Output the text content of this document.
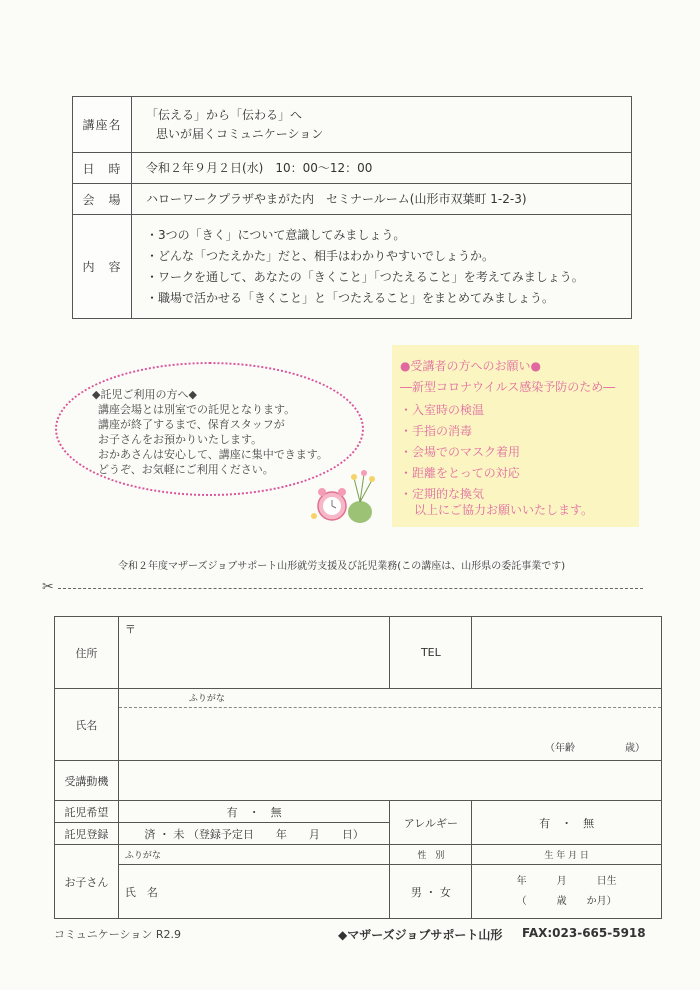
講座名	「伝える」から「伝わる」へ
思いが届くコミュニケーション

日　時	令和２年９月２日(水)　10：00～12：00
会　場	ハローワークプラザやまがた内　セミナールーム(山形市双葉町 1-2-3)
内　容	・3つの「きく」について意識してみましょう。
・どんな「つたえかた」だと、相手はわかりやすいでしょうか。
・ワークを通して、あなたの「きくこと」「つたえること」を考えてみましょう。
・職場で活かせる「きくこと」と「つたえること」をまとめてみましょう。
◆託児ご利用の方へ◆
講座会場とは別室での託児となります。
講座が終了するまで、保育スタッフが
お子さんをお預かりいたします。
おかあさんは安心して、講座に集中できます。
どうぞ、お気軽にご利用ください。
●受講者の方へのお願い●
―新型コロナウイルス感染予防のため―
・入室時の検温
・手指の消毒
・会場でのマスク着用
・距離をとっての対応
・定期的な換気
以上にご協力お願いいたします。
令和２年度マザーズジョブサポート山形就労支援及び託児業務(この講座は、山形県の委託事業です)
✂
住所	〒	TEL	
氏名	ふりがな
（年齢　　　　　歳）		

受講動機			
託児希望	有　・　無	アレルギー	有　・　無
託児登録	済 ・ 未 （登録予定日　　年　　月　　日）		
お子さん	ふりがな	性　別	生 年 月 日
	氏　名	男 ・ 女	年　　　月　　　日生
（　　　歳　　か月）
コミュニケーション R2.9	◆マザーズジョブサポート山形 FAX:023-665-5918
